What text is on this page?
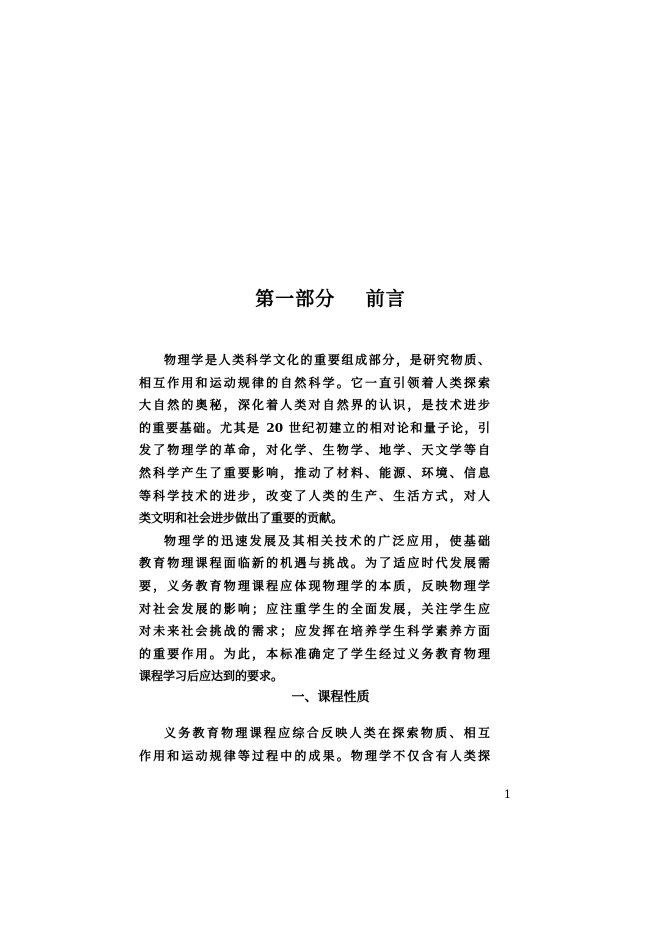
第一部分    前言
物理学是人类科学文化的重要组成部分，是研究物质、
相互作用和运动规律的自然科学。它一直引领着人类探索
大自然的奥秘，深化着人类对自然界的认识，是技术进步
的重要基础。尤其是 20 世纪初建立的相对论和量子论，引
发了物理学的革命，对化学、生物学、地学、天文学等自
然科学产生了重要影响，推动了材料、能源、环境、信息
等科学技术的进步，改变了人类的生产、生活方式，对人
类文明和社会进步做出了重要的贡献。
物理学的迅速发展及其相关技术的广泛应用，使基础
教育物理课程面临新的机遇与挑战。为了适应时代发展需
要，义务教育物理课程应体现物理学的本质，反映物理学
对社会发展的影响；应注重学生的全面发展，关注学生应
对未来社会挑战的需求；应发挥在培养学生科学素养方面
的重要作用。为此，本标准确定了学生经过义务教育物理
课程学习后应达到的要求。
一、课程性质
义务教育物理课程应综合反映人类在探索物质、相互
作用和运动规律等过程中的成果。物理学不仅含有人类探
1
